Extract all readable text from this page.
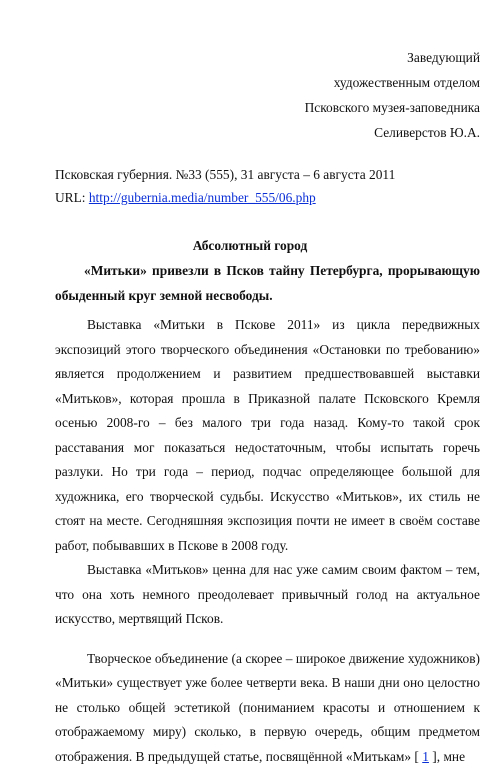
Заведующий
художественным отделом
Псковского музея-заповедника
Селиверстов Ю.А.
Псковская губерния. №33 (555), 31 августа – 6 августа 2011
URL: http://gubernia.media/number_555/06.php
Абсолютный город
«Митьки» привезли в Псков тайну Петербурга, прорывающую обыденный круг земной несвободы.

Выставка «Митьки в Пскове 2011» из цикла передвижных экспозиций этого творческого объединения «Остановки по требованию» является продолжением и развитием предшествовавшей выставки «Митьков», которая прошла в Приказной палате Псковского Кремля осенью 2008-го – без малого три года назад. Кому-то такой срок расставания мог показаться недостаточным, чтобы испытать горечь разлуки. Но три года – период, подчас определяющее большой для художника, его творческой судьбы. Искусство «Митьков», их стиль не стоят на месте. Сегодняшняя экспозиция почти не имеет в своём составе работ, побывавших в Пскове в 2008 году.

Выставка «Митьков» ценна для нас уже самим своим фактом – тем, что она хоть немного преодолевает привычный голод на актуальное искусство, мертвящий Псков.

Творческое объединение (а скорее – широкое движение художников) «Митьки» существует уже более четверти века. В наши дни оно целостно не столько общей эстетикой (пониманием красоты и отношением к отображаемому миру) сколько, в первую очередь, общим предметом отображения. В предыдущей статье, посвящённой «Митькам» [ 1 ], мне
